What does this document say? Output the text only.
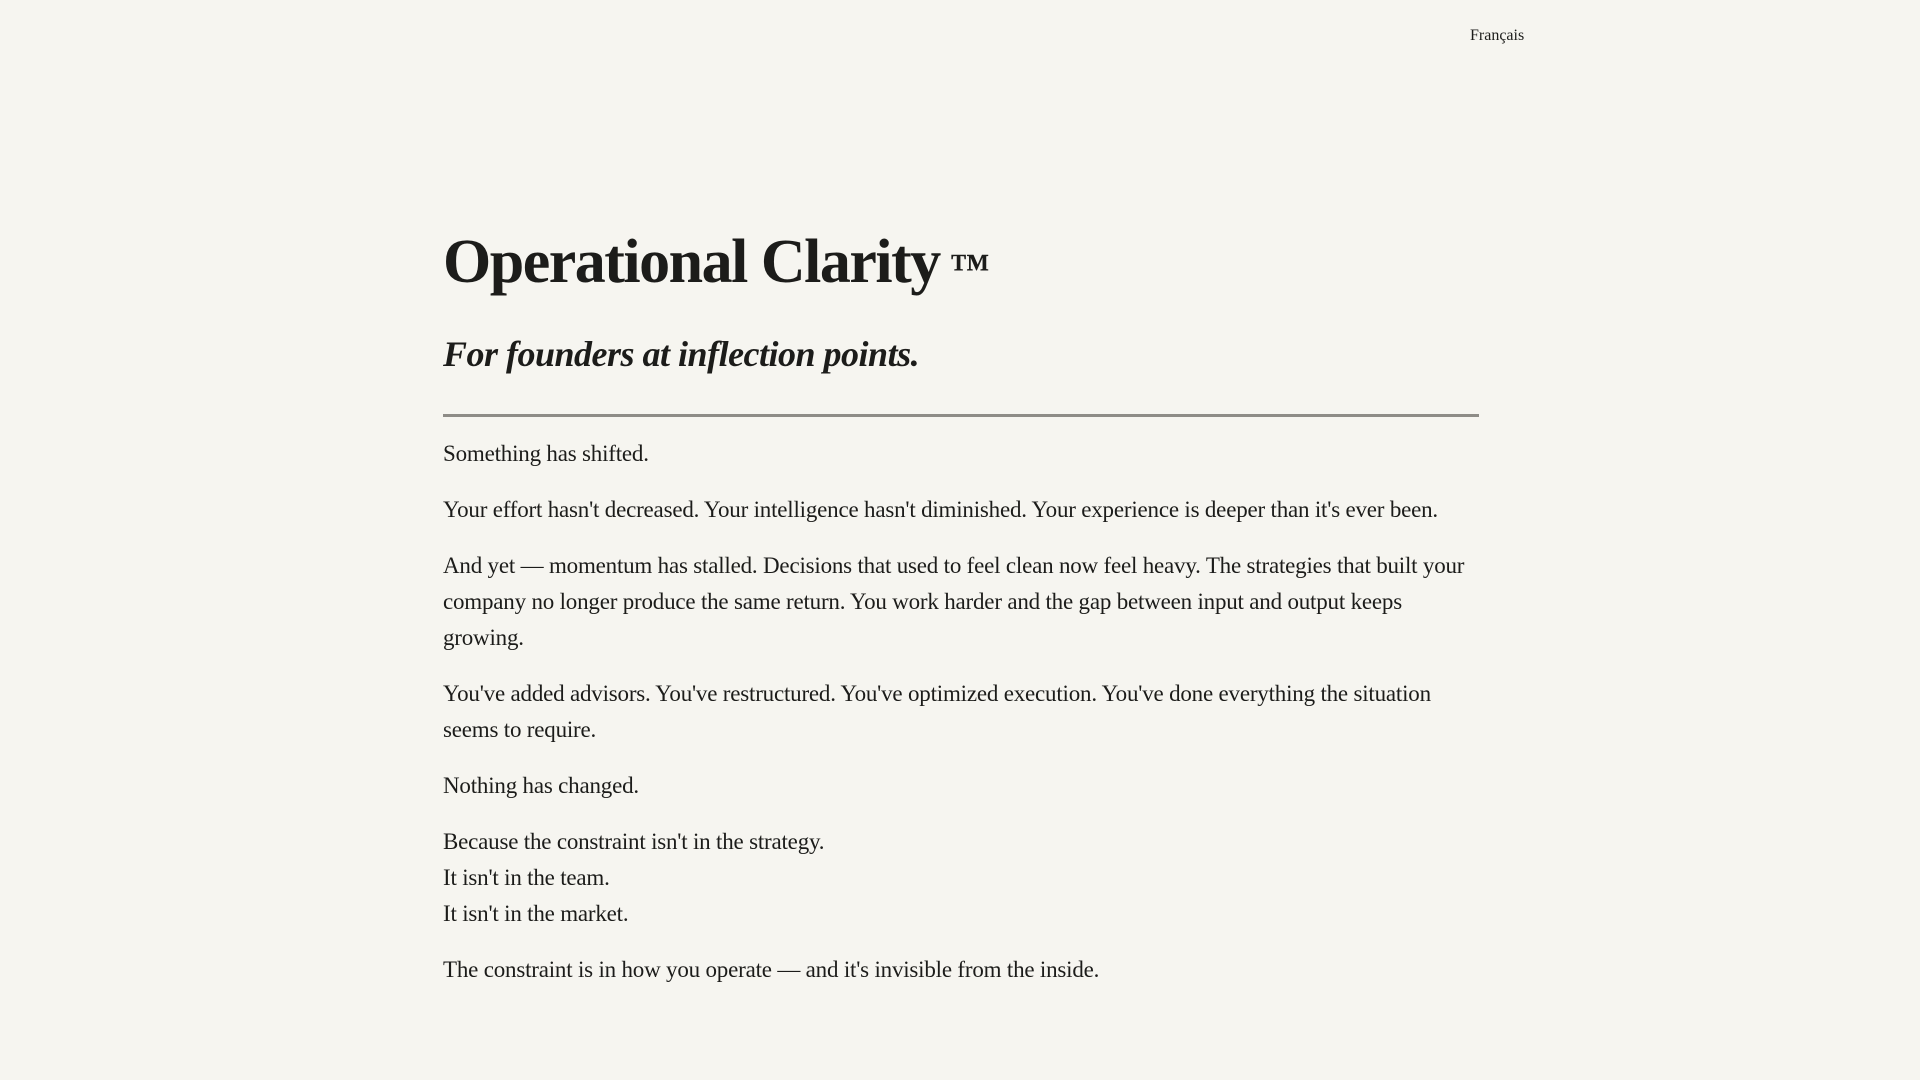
Français
Operational Clarity ™
For founders at inflection points.

Something has shifted.

Your effort hasn't decreased. Your intelligence hasn't diminished. Your experience is deeper than it's ever been.

And yet — momentum has stalled. Decisions that used to feel clean now feel heavy. The strategies that built your company no longer produce the same return. You work harder and the gap between input and output keeps growing.

You've added advisors. You've restructured. You've optimized execution. You've done everything the situation seems to require.

Nothing has changed.

Because the constraint isn't in the strategy.
It isn't in the team.
It isn't in the market.

The constraint is in how you operate — and it's invisible from the inside.
